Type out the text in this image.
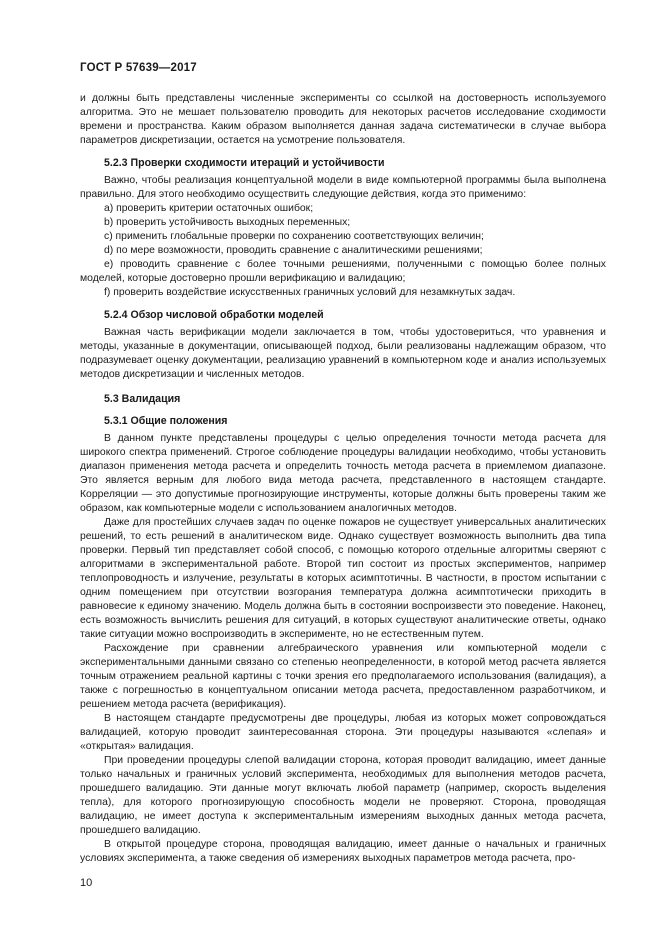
ГОСТ Р 57639—2017

и должны быть представлены численные эксперименты со ссылкой на достоверность используемого алгоритма. Это не мешает пользователю проводить для некоторых расчетов исследование сходимости времени и пространства. Каким образом выполняется данная задача систематически в случае выбора параметров дискретизации, остается на усмотрение пользователя.

5.2.3 Проверки сходимости итераций и устойчивости

Важно, чтобы реализация концептуальной модели в виде компьютерной программы была выполнена правильно. Для этого необходимо осуществить следующие действия, когда это применимо:

a) проверить критерии остаточных ошибок;
b) проверить устойчивость выходных переменных;
c) применить глобальные проверки по сохранению соответствующих величин;
d) по мере возможности, проводить сравнение с аналитическими решениями;
e) проводить сравнение с более точными решениями, полученными с помощью более полных моделей, которые достоверно прошли верификацию и валидацию;
f) проверить воздействие искусственных граничных условий для незамкнутых задач.
5.2.4 Обзор числовой обработки моделей

Важная часть верификации модели заключается в том, чтобы удостовериться, что уравнения и методы, указанные в документации, описывающей подход, были реализованы надлежащим образом, что подразумевает оценку документации, реализацию уравнений в компьютерном коде и анализ используемых методов дискретизации и численных методов.

5.3 Валидация
5.3.1 Общие положения

В данном пункте представлены процедуры с целью определения точности метода расчета для широкого спектра применений. Строгое соблюдение процедуры валидации необходимо, чтобы установить диапазон применения метода расчета и определить точность метода расчета в приемлемом диапазоне. Это является верным для любого вида метода расчета, представленного в настоящем стандарте. Корреляции — это допустимые прогнозирующие инструменты, которые должны быть проверены таким же образом, как компьютерные модели с использованием аналогичных методов.

Даже для простейших случаев задач по оценке пожаров не существует универсальных аналитических решений, то есть решений в аналитическом виде. Однако существует возможность выполнить два типа проверки. Первый тип представляет собой способ, с помощью которого отдельные алгоритмы сверяют с алгоритмами в экспериментальной работе. Второй тип состоит из простых экспериментов, например теплопроводность и излучение, результаты в которых асимптотичны. В частности, в простом испытании с одним помещением при отсутствии возгорания температура должна асимптотически приходить в равновесие к единому значению. Модель должна быть в состоянии воспроизвести это поведение. Наконец, есть возможность вычислить решения для ситуаций, в которых существуют аналитические ответы, однако такие ситуации можно воспроизводить в эксперименте, но не естественным путем.

Расхождение при сравнении алгебраического уравнения или компьютерной модели с экспериментальными данными связано со степенью неопределенности, в которой метод расчета является точным отражением реальной картины с точки зрения его предполагаемого использования (валидация), а также с погрешностью в концептуальном описании метода расчета, предоставленном разработчиком, и решением метода расчета (верификация).

В настоящем стандарте предусмотрены две процедуры, любая из которых может сопровождаться валидацией, которую проводит заинтересованная сторона. Эти процедуры называются «слепая» и «открытая» валидация.

При проведении процедуры слепой валидации сторона, которая проводит валидацию, имеет данные только начальных и граничных условий эксперимента, необходимых для выполнения методов расчета, прошедшего валидацию. Эти данные могут включать любой параметр (например, скорость выделения тепла), для которого прогнозирующую способность модели не проверяют. Сторона, проводящая валидацию, не имеет доступа к экспериментальным измерениям выходных данных метода расчета, прошедшего валидацию.

В открытой процедуре сторона, проводящая валидацию, имеет данные о начальных и граничных условиях эксперимента, а также сведения об измерениях выходных параметров метода расчета, про-

10
